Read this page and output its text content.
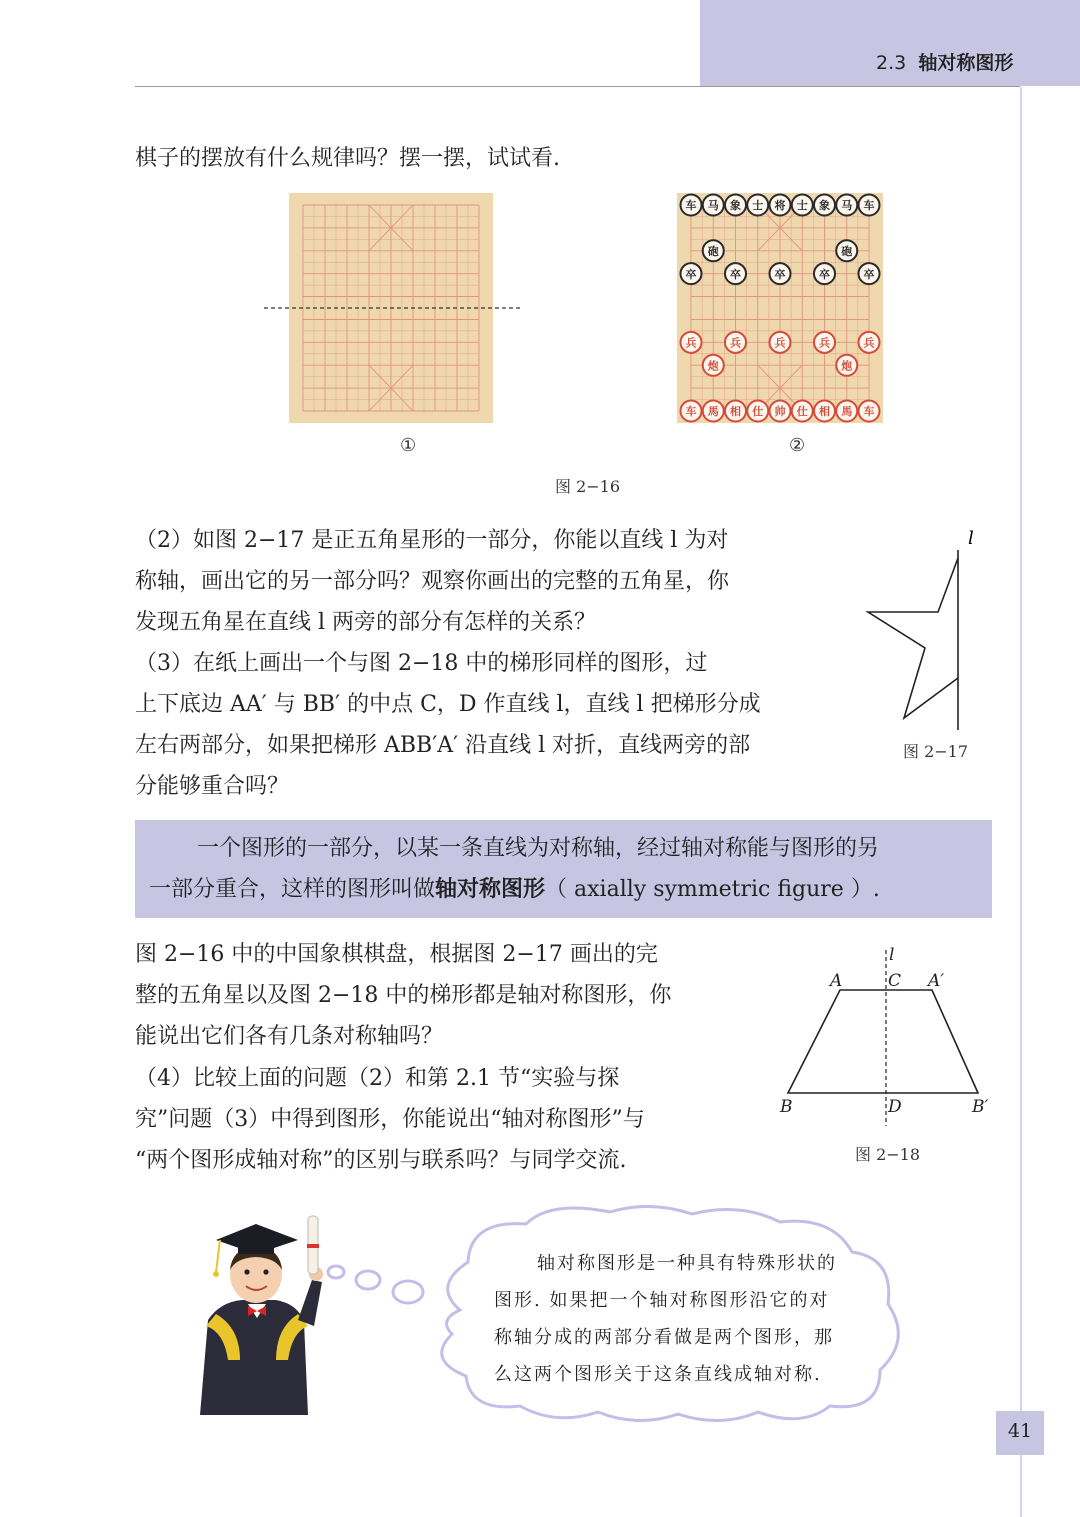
2.3 轴对称图形
棋子的摆放有什么规律吗？摆一摆，试试看.
车 马 象 士 将 士 象 马 车
砲	砲
卒	卒	卒	卒	卒
兵	兵	兵	兵	兵
炮	炮
车 馬 相 仕 帅 仕 相 馬 车
①	②
图 2−16
（2）如图 2−17 是正五角星形的一部分，你能以直线 l 为对
称轴，画出它的另一部分吗？观察你画出的完整的五角星，你
发现五角星在直线 l 两旁的部分有怎样的关系？
（3）在纸上画出一个与图 2−18 中的梯形同样的图形，过
上下底边 AA′ 与 BB′ 的中点 C，D 作直线 l，直线 l 把梯形分成
左右两部分，如果把梯形 ABB′A′ 沿直线 l 对折，直线两旁的部
分能够重合吗？
l
图 2−17
一个图形的一部分，以某一条直线为对称轴，经过轴对称能与图形的另
一部分重合，这样的图形叫做轴对称图形（ axially symmetric figure ）.
图 2−16 中的中国象棋棋盘，根据图 2−17 画出的完
整的五角星以及图 2−18 中的梯形都是轴对称图形，你
能说出它们各有几条对称轴吗？
（4）比较上面的问题（2）和第 2.1 节“实验与探
究”问题（3）中得到图形，你能说出“轴对称图形”与
“两个图形成轴对称”的区别与联系吗？与同学交流.
l
A	C A′
B	D	B′
图 2−18
轴对称图形是一种具有特殊形状的
图形. 如果把一个轴对称图形沿它的对
称轴分成的两部分看做是两个图形，那
么这两个图形关于这条直线成轴对称.
41
